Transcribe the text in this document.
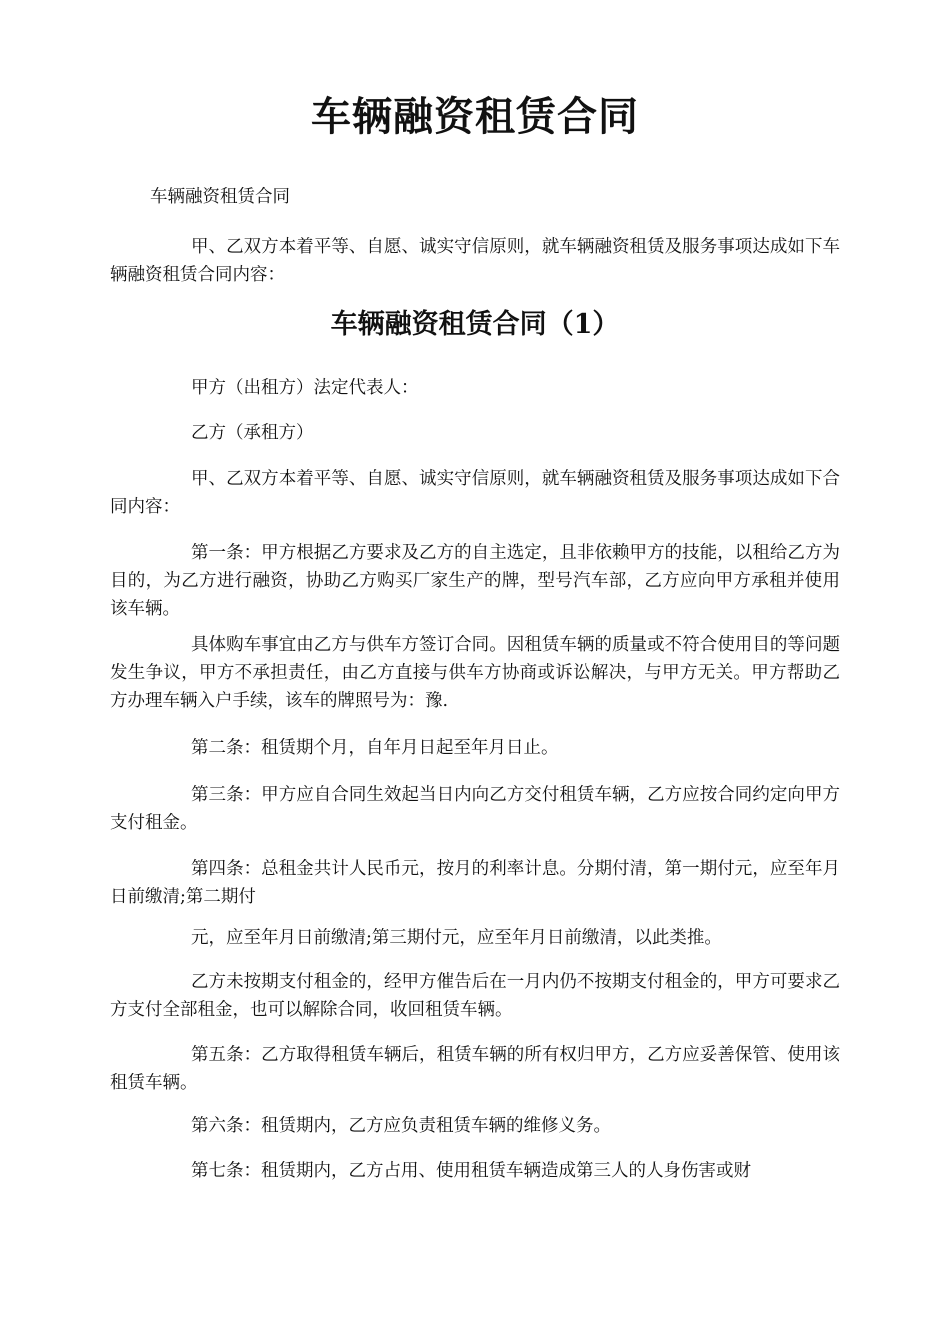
车辆融资租赁合同

车辆融资租赁合同

甲、乙双方本着平等、自愿、诚实守信原则，就车辆融资租赁及服务事项达成如下车辆融资租赁合同内容：

车辆融资租赁合同（1）

甲方（出租方）法定代表人：

乙方（承租方）

甲、乙双方本着平等、自愿、诚实守信原则，就车辆融资租赁及服务事项达成如下合同内容：

第一条：甲方根据乙方要求及乙方的自主选定，且非依赖甲方的技能，以租给乙方为目的，为乙方进行融资，协助乙方购买厂家生产的牌，型号汽车部，乙方应向甲方承租并使用该车辆。

具体购车事宜由乙方与供车方签订合同。因租赁车辆的质量或不符合使用目的等问题发生争议，甲方不承担责任，由乙方直接与供车方协商或诉讼解决，与甲方无关。甲方帮助乙方办理车辆入户手续，该车的牌照号为：豫.

第二条：租赁期个月，自年月日起至年月日止。

第三条：甲方应自合同生效起当日内向乙方交付租赁车辆，乙方应按合同约定向甲方支付租金。

第四条：总租金共计人民币元，按月的利率计息。分期付清，第一期付元，应至年月日前缴清;第二期付

元，应至年月日前缴清;第三期付元，应至年月日前缴清，以此类推。

乙方未按期支付租金的，经甲方催告后在一月内仍不按期支付租金的，甲方可要求乙方支付全部租金，也可以解除合同，收回租赁车辆。

第五条：乙方取得租赁车辆后，租赁车辆的所有权归甲方，乙方应妥善保管、使用该租赁车辆。

第六条：租赁期内，乙方应负责租赁车辆的维修义务。

第七条：租赁期内，乙方占用、使用租赁车辆造成第三人的人身伤害或财
